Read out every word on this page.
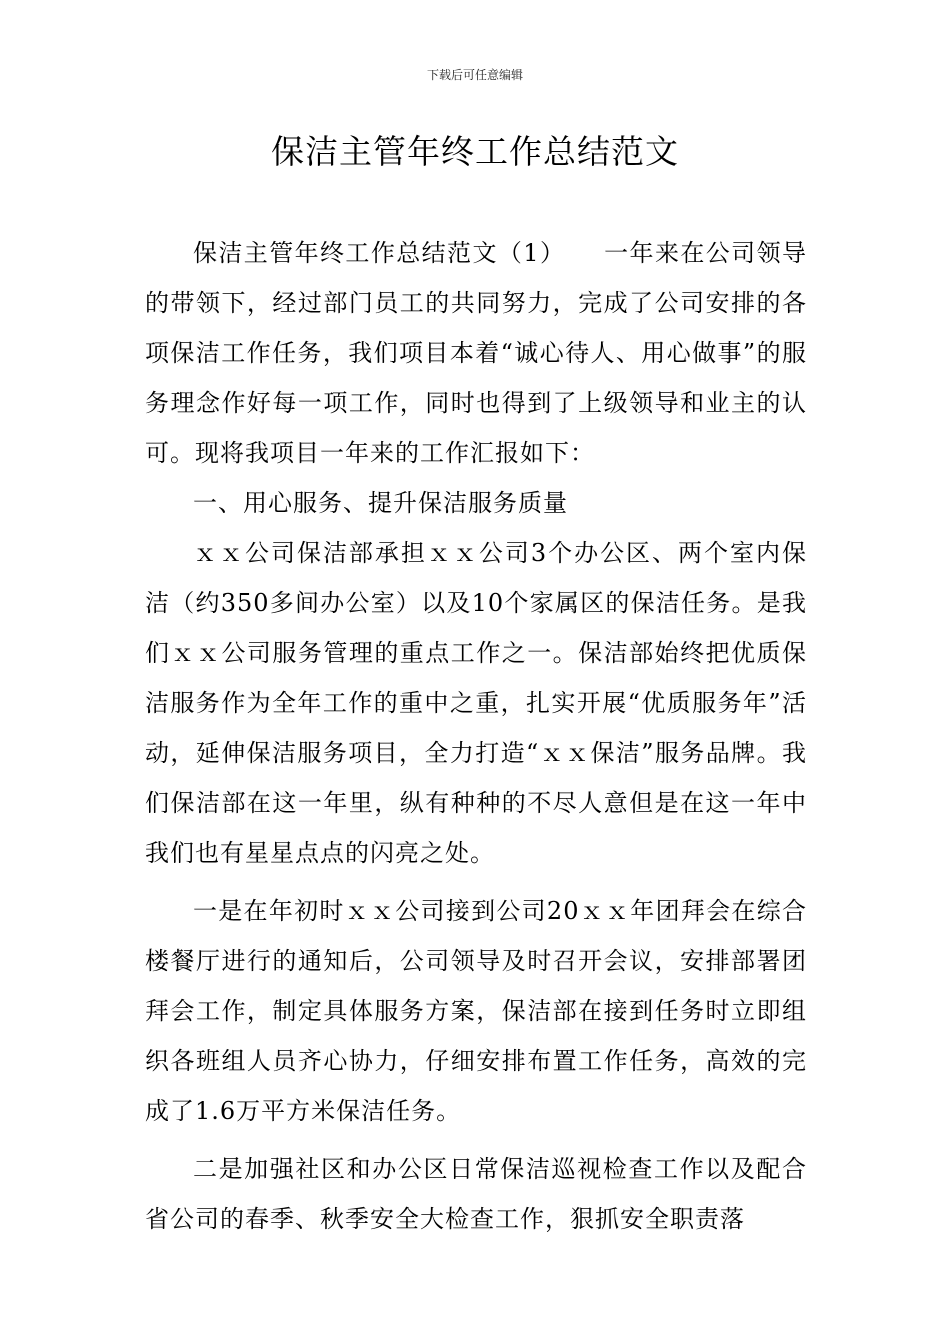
下载后可任意编辑
保洁主管年终工作总结范文

保洁主管年终工作总结范文（1）　　一年来在公司领导的带领下，经过部门员工的共同努力，完成了公司安排的各项保洁工作任务，我们项目本着“诚心待人、用心做事”的服务理念作好每一项工作，同时也得到了上级领导和业主的认可。现将我项目一年来的工作汇报如下：

一、用心服务、提升保洁服务质量

ｘｘ公司保洁部承担ｘｘ公司3个办公区、两个室内保洁（约350多间办公室）以及10个家属区的保洁任务。是我们ｘｘ公司服务管理的重点工作之一。保洁部始终把优质保洁服务作为全年工作的重中之重，扎实开展“优质服务年”活动，延伸保洁服务项目，全力打造“ｘｘ保洁”服务品牌。我们保洁部在这一年里，纵有种种的不尽人意但是在这一年中我们也有星星点点的闪亮之处。

一是在年初时ｘｘ公司接到公司20ｘｘ年团拜会在综合楼餐厅进行的通知后，公司领导及时召开会议，安排部署团拜会工作，制定具体服务方案，保洁部在接到任务时立即组织各班组人员齐心协力，仔细安排布置工作任务，高效的完成了1.6万平方米保洁任务。

二是加强社区和办公区日常保洁巡视检查工作以及配合省公司的春季、秋季安全大检查工作，狠抓安全职责落
